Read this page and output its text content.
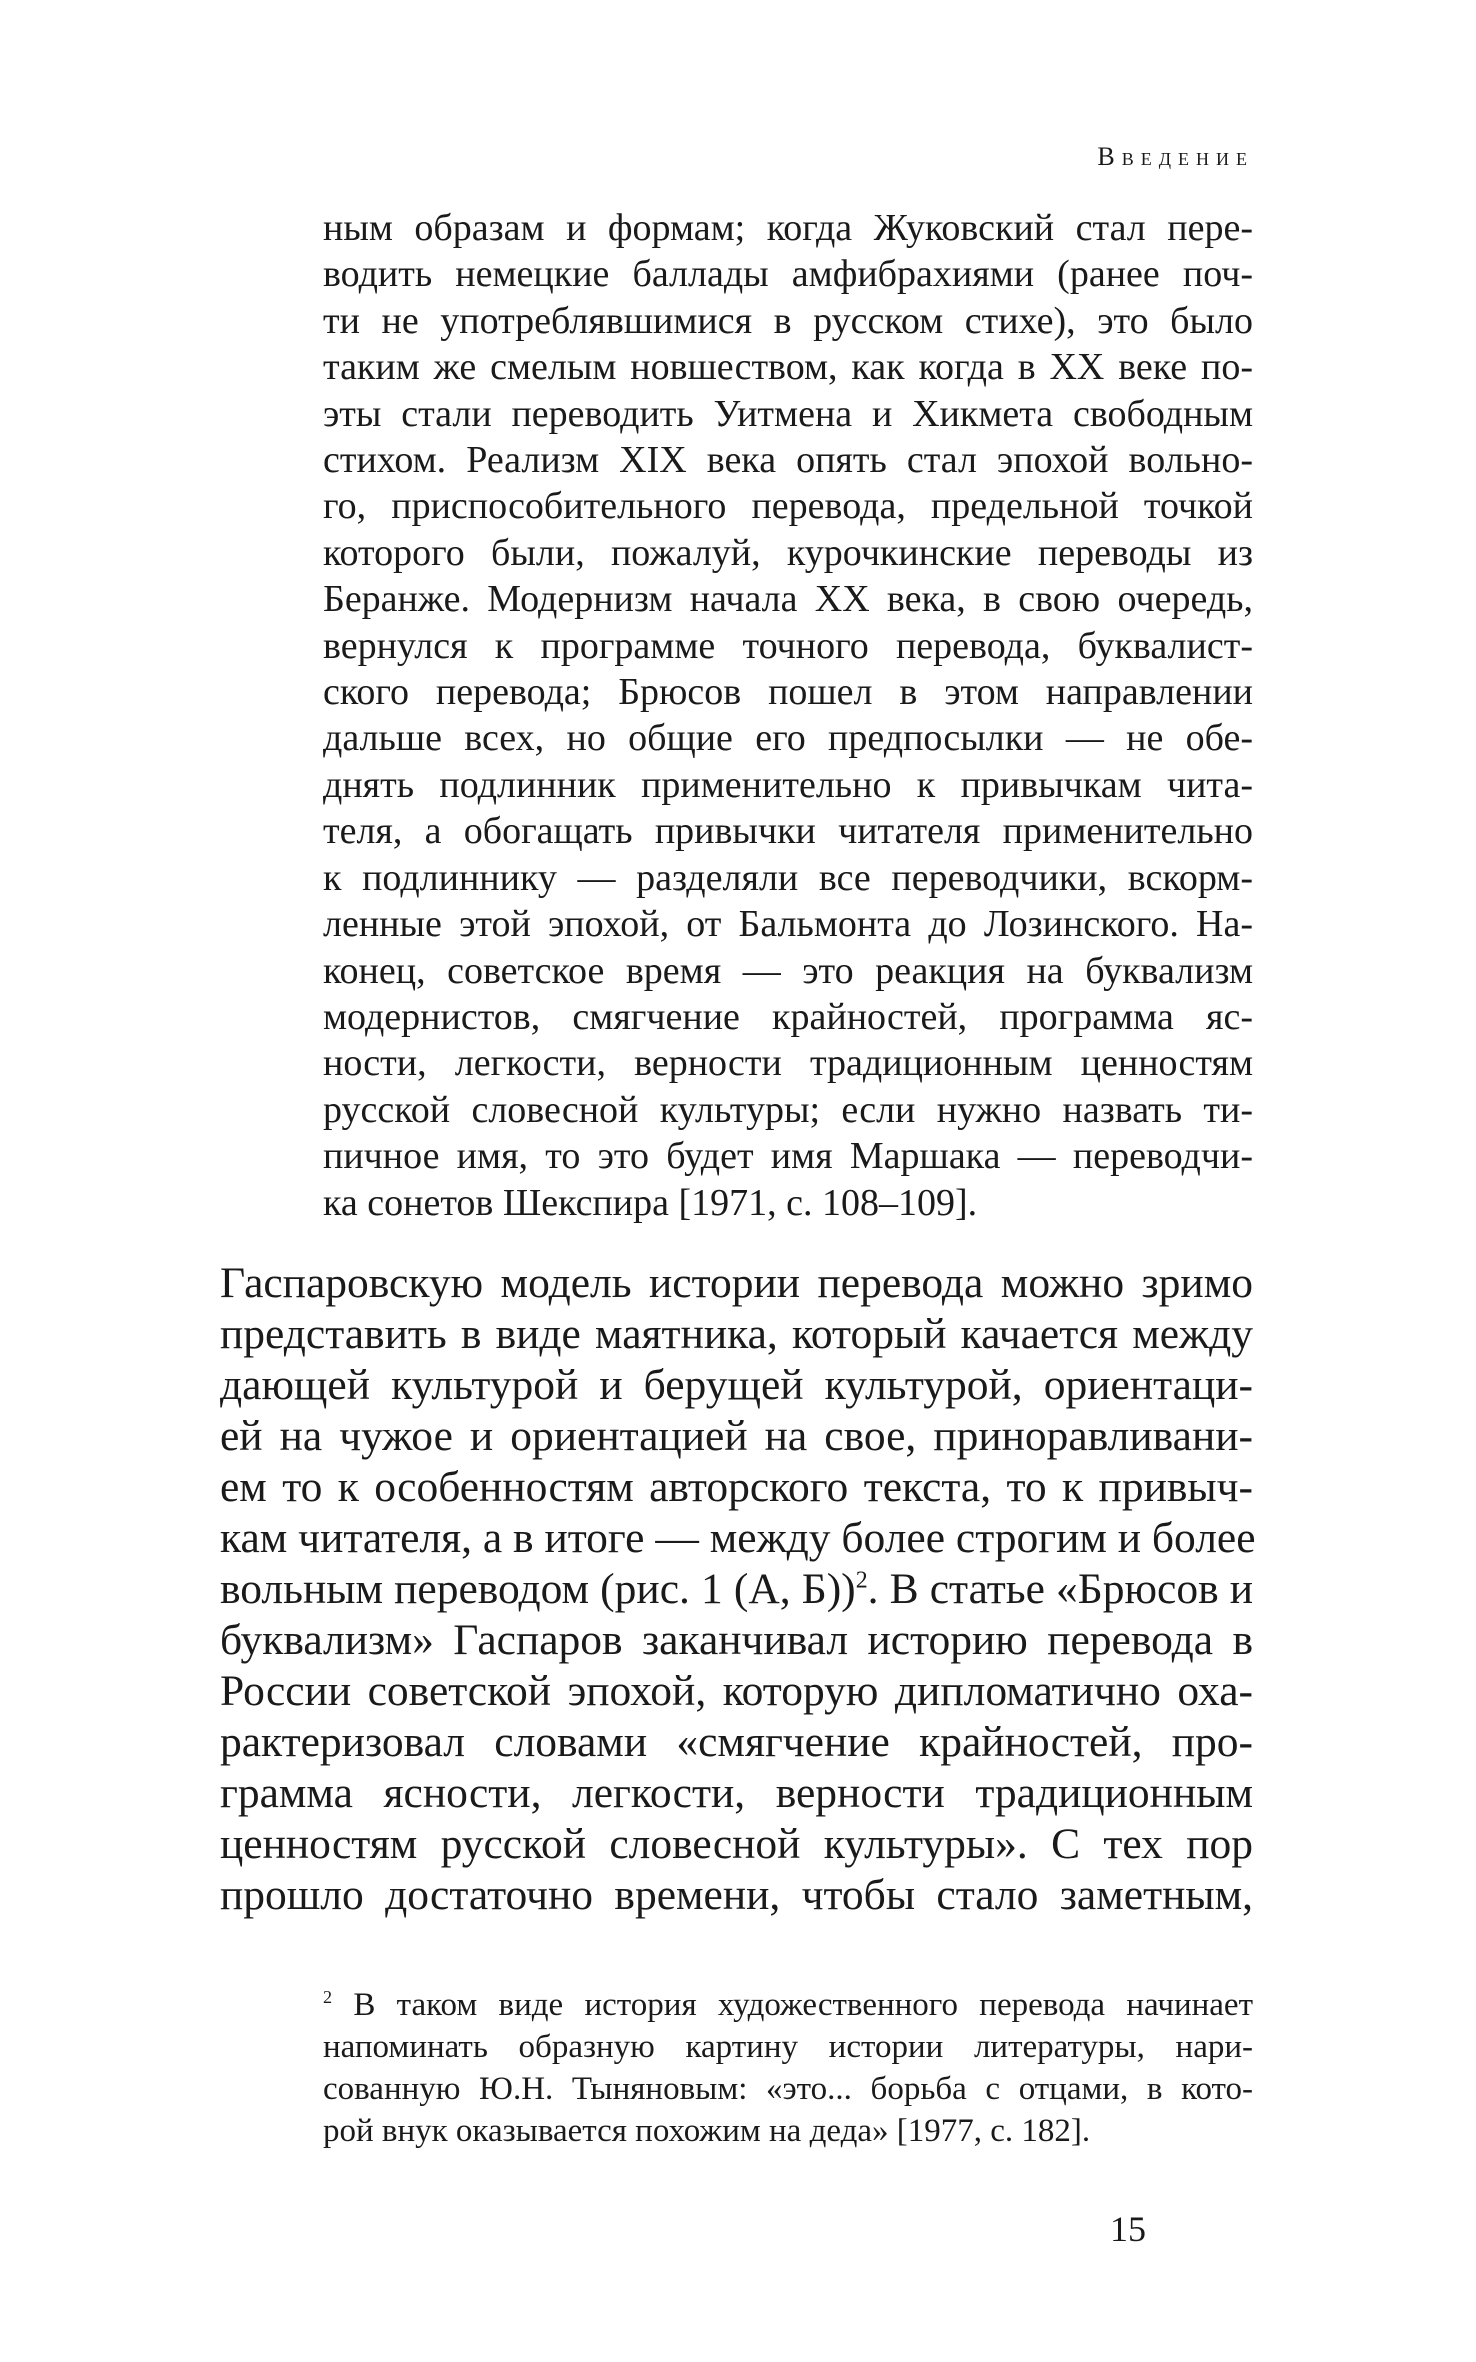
Введение
ным образам и формам; когда Жуковский стал пере-
водить немецкие баллады амфибрахиями (ранее поч-
ти не употреблявшимися в русском стихе), это было
таким же смелым новшеством, как когда в XX веке по-
эты стали переводить Уитмена и Хикмета свободным
стихом. Реализм XIX века опять стал эпохой вольно-
го, приспособительного перевода, предельной точкой
которого были, пожалуй, курочкинские переводы из
Беранже. Модернизм начала XX века, в свою очередь,
вернулся к программе точного перевода, буквалист-
ского перевода; Брюсов пошел в этом направлении
дальше всех, но общие его предпосылки — не обе-
днять подлинник применительно к привычкам чита-
теля, а обогащать привычки читателя применительно
к подлиннику — разделяли все переводчики, вскорм-
ленные этой эпохой, от Бальмонта до Лозинского. На-
конец, советское время — это реакция на буквализм
модернистов, смягчение крайностей, программа яс-
ности, легкости, верности традиционным ценностям
русской словесной культуры; если нужно назвать ти-
пичное имя, то это будет имя Маршака — переводчи-
ка сонетов Шекспира [1971, с. 108–109].
Гаспаровскую модель истории перевода можно зримо
представить в виде маятника, который качается между
дающей культурой и берущей культурой, ориентаци-
ей на чужое и ориентацией на свое, приноравливани-
ем то к особенностям авторского текста, то к привыч-
кам читателя, а в итоге — между более строгим и более
вольным переводом (рис. 1 (А, Б))$^2$. В статье «Брюсов и
буквализм» Гаспаров заканчивал историю перевода в
России советской эпохой, которую дипломатично оха-
рактеризовал словами «смягчение крайностей, про-
грамма ясности, легкости, верности традиционным
ценностям русской словесной культуры». С тех пор
прошло достаточно времени, чтобы стало заметным,
$^2$ В таком виде история художественного перевода начинает
напоминать образную картину истории литературы, нари-
сованную Ю.Н. Тыняновым: «это... борьба с отцами, в кото-
рой внук оказывается похожим на деда» [1977, с. 182].
15
